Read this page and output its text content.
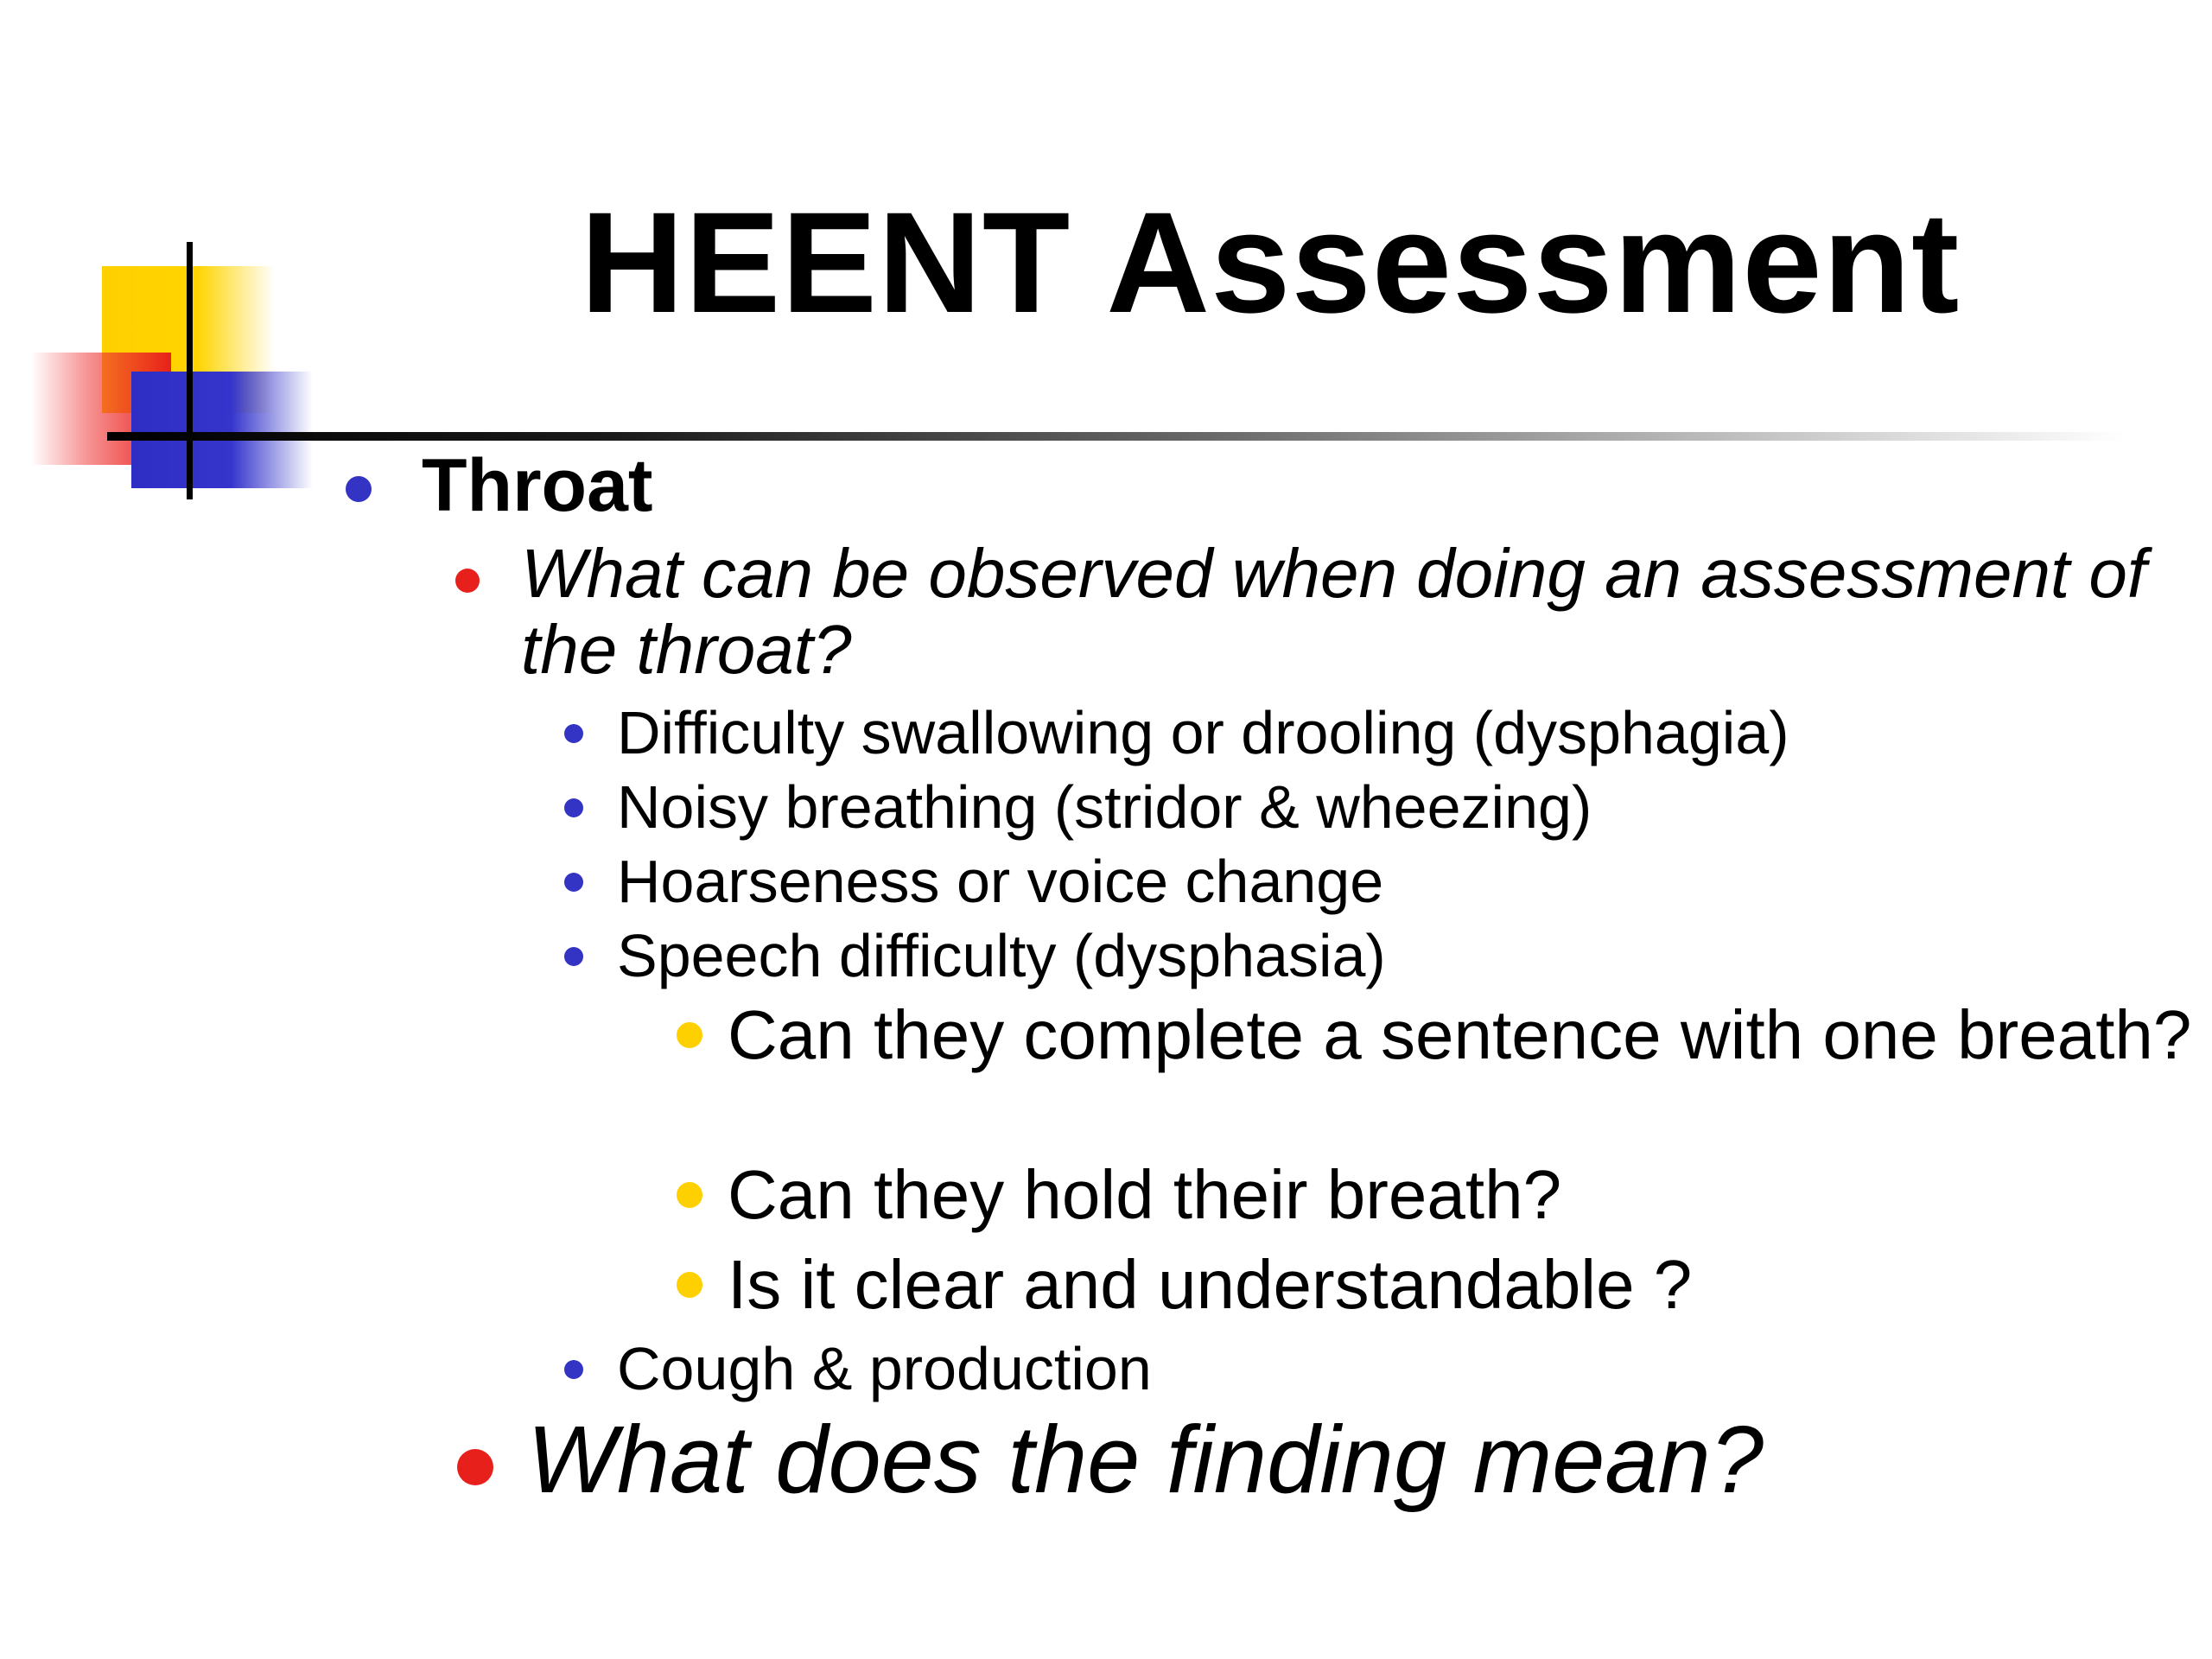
HEENT Assessment

Throat

What can be observed when doing an assessment of the throat?

Difficulty swallowing or drooling (dysphagia)

Noisy breathing (stridor & wheezing)

Hoarseness or voice change

Speech difficulty (dysphasia)

Can they complete a sentence with one breath?

Can they hold their breath?

Is it clear and understandable ?

Cough & production

What does the finding mean?
